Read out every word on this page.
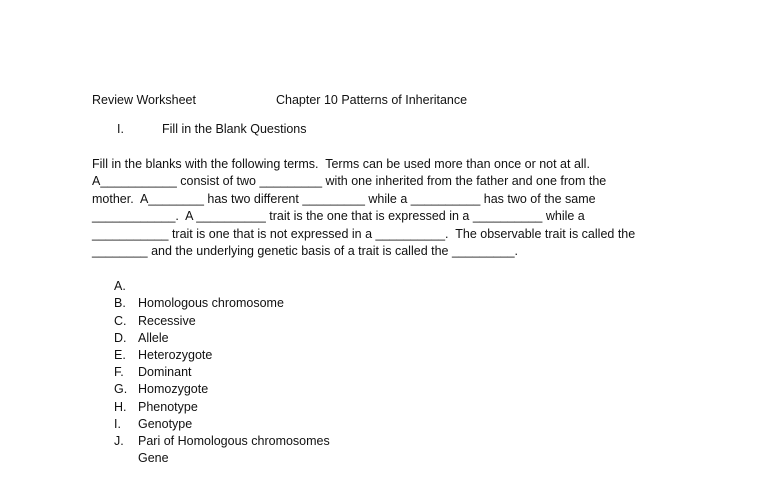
Review Worksheet	Chapter 10 Patterns of Inheritance
I.	Fill in the Blank Questions
Fill in the blanks with the following terms.  Terms can be used more than once or not at all.
A___________ consist of two _________ with one inherited from the father and one from the
mother.  A________ has two different _________ while a __________ has two of the same
____________.  A __________ trait is the one that is expressed in a __________ while a
___________ trait is one that is not expressed in a __________.  The observable trait is called the
________ and the underlying genetic basis of a trait is called the _________.

A.

Homologous chromosome

B.

Recessive

C.

Allele

D.

Heterozygote

E.

Dominant

F.

Homozygote

G.

Phenotype

H.

Genotype

I.

Pari of Homologous chromosomes

J.

Gene
